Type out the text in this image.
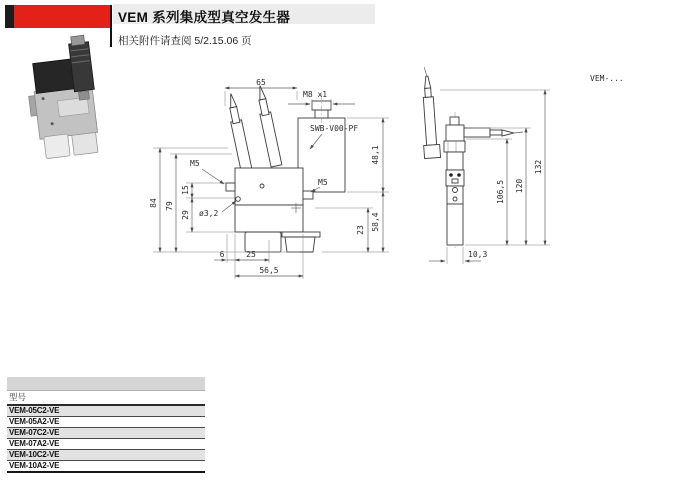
VEM 系列集成型真空发生器
相关附件请查阅 5/2.15.06 页
65
M8 x1
SWB-V00-PF
48,1
58,4
23
84 79
15
29
M5
M5
ø3,2
6	25
56,5
106,5 120
132
10,3
VEM-...
型号
VEM-05C2-VE
VEM-05A2-VE
VEM-07C2-VE
VEM-07A2-VE
VEM-10C2-VE
VEM-10A2-VE
